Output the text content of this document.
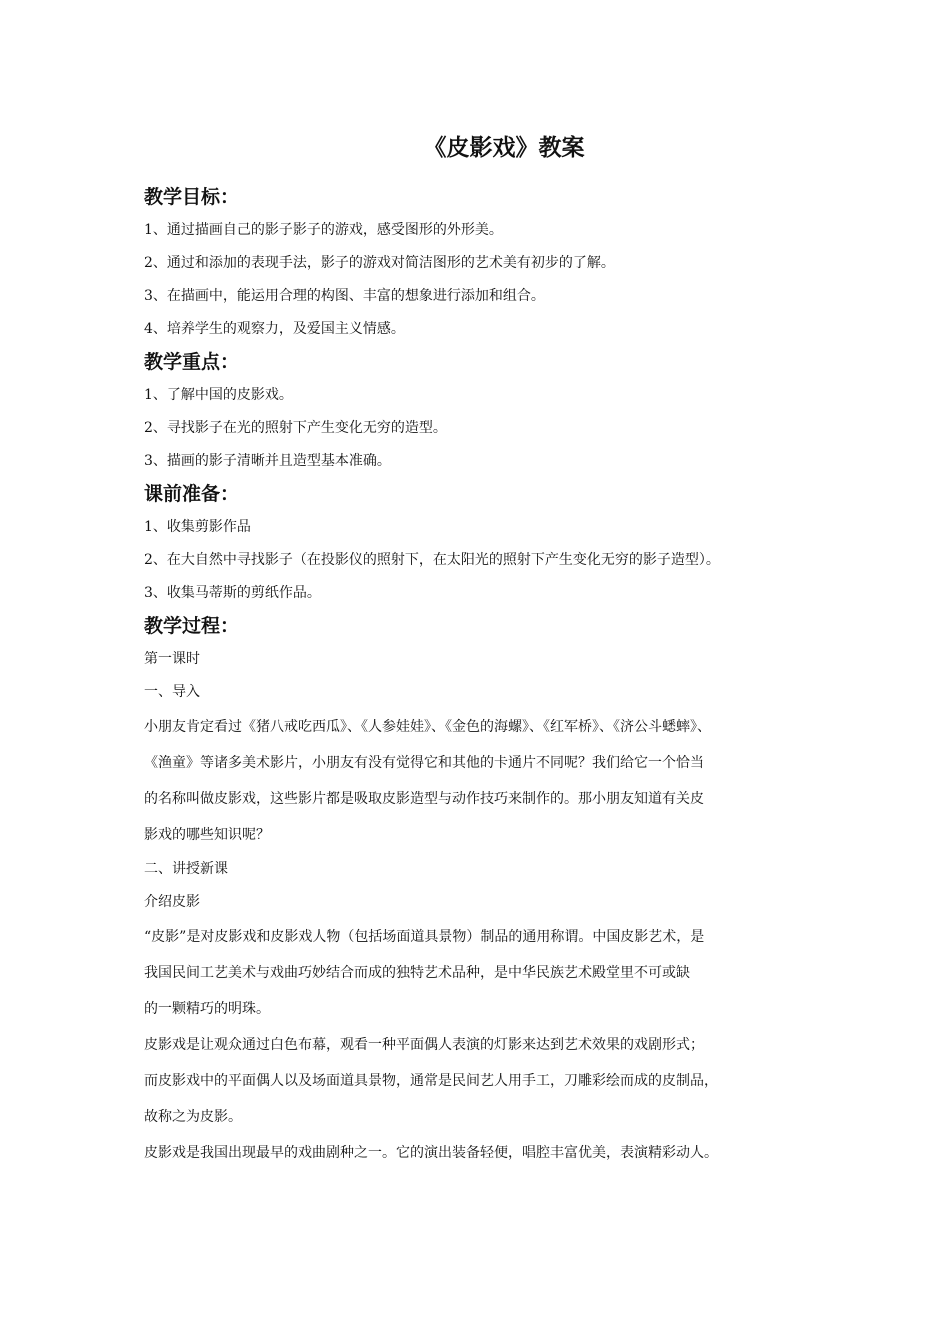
《皮影戏》教案
教学目标：
1、通过描画自己的影子影子的游戏，感受图形的外形美。
2、通过和添加的表现手法，影子的游戏对简洁图形的艺术美有初步的了解。
3、在描画中，能运用合理的构图、丰富的想象进行添加和组合。
4、培养学生的观察力，及爱国主义情感。
教学重点：
1、了解中国的皮影戏。
2、寻找影子在光的照射下产生变化无穷的造型。
3、描画的影子清晰并且造型基本准确。
课前准备：
1、收集剪影作品
2、在大自然中寻找影子（在投影仪的照射下，在太阳光的照射下产生变化无穷的影子造型）。
3、收集马蒂斯的剪纸作品。
教学过程：
第一课时
一、导入
小朋友肯定看过《猪八戒吃西瓜》、《人参娃娃》、《金色的海螺》、《红军桥》、《济公斗蟋蟀》、
《渔童》等诸多美术影片，小朋友有没有觉得它和其他的卡通片不同呢？我们给它一个恰当
的名称叫做皮影戏，这些影片都是吸取皮影造型与动作技巧来制作的。那小朋友知道有关皮
影戏的哪些知识呢？
二、讲授新课
介绍皮影
“皮影”是对皮影戏和皮影戏人物（包括场面道具景物）制品的通用称谓。中国皮影艺术，是
我国民间工艺美术与戏曲巧妙结合而成的独特艺术品种，是中华民族艺术殿堂里不可或缺
的一颗精巧的明珠。
皮影戏是让观众通过白色布幕，观看一种平面偶人表演的灯影来达到艺术效果的戏剧形式；
而皮影戏中的平面偶人以及场面道具景物，通常是民间艺人用手工，刀雕彩绘而成的皮制品，
故称之为皮影。
皮影戏是我国出现最早的戏曲剧种之一。它的演出装备轻便，唱腔丰富优美，表演精彩动人。
